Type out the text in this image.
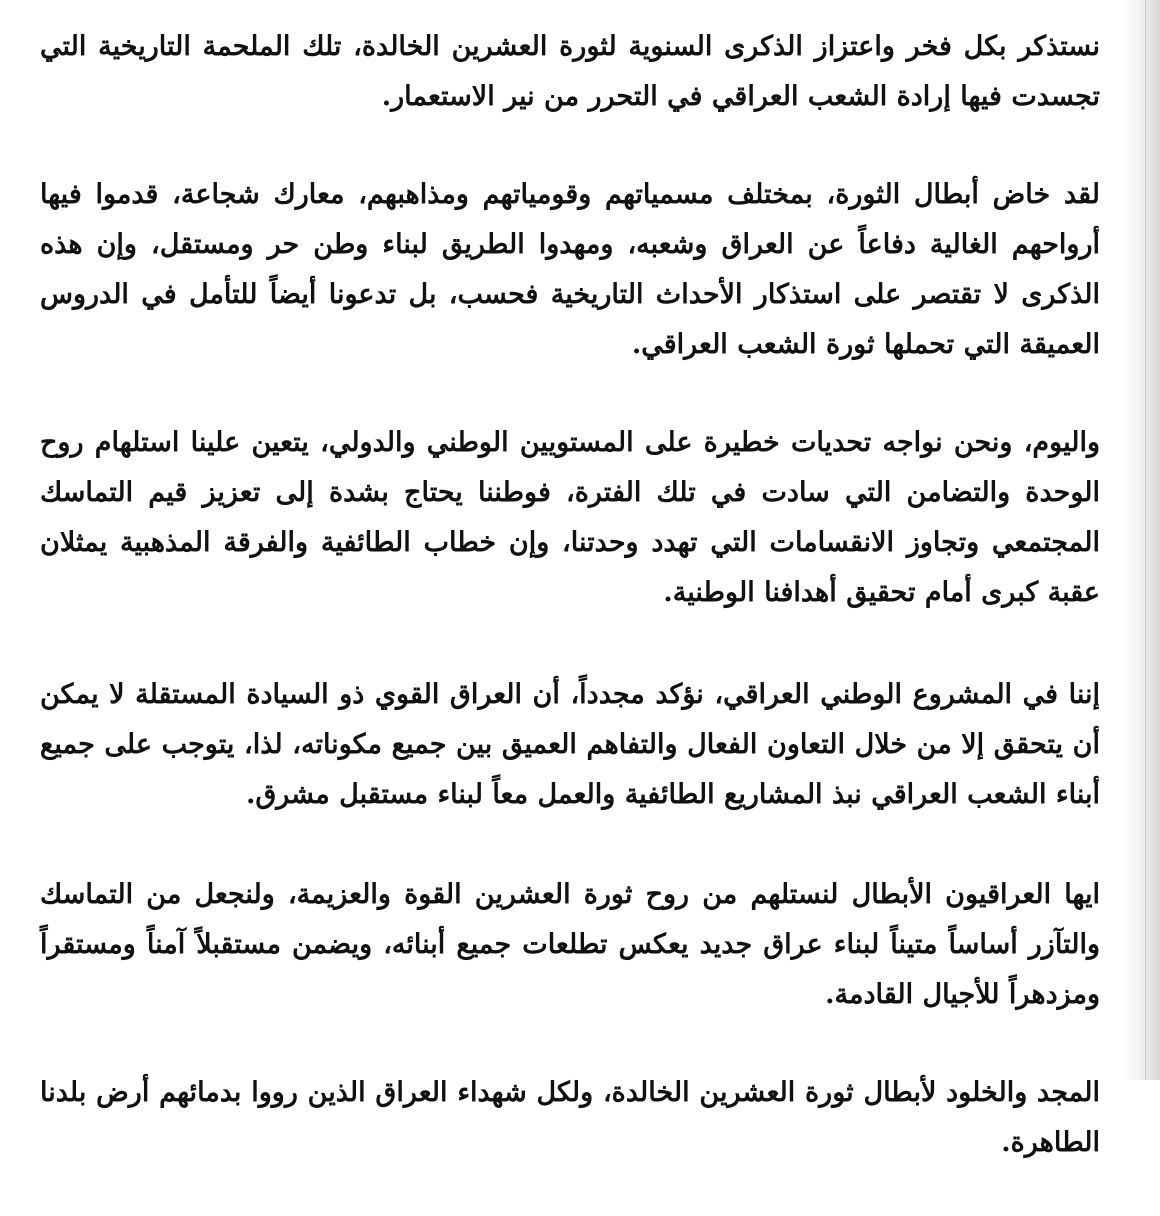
نستذكر بكل فخر واعتزاز الذكرى السنوية لثورة العشرين الخالدة، تلك الملحمة التاريخية التي تجسدت فيها إرادة الشعب العراقي في التحرر من نير الاستعمار.

لقد خاض أبطال الثورة، بمختلف مسمياتهم وقومياتهم ومذاهبهم، معارك شجاعة، قدموا فيها أرواحهم الغالية دفاعاً عن العراق وشعبه، ومهدوا الطريق لبناء وطن حر ومستقل، وإن هذه الذكرى لا تقتصر على استذكار الأحداث التاريخية فحسب، بل تدعونا أيضاً للتأمل في الدروس العميقة التي تحملها ثورة الشعب العراقي.

واليوم، ونحن نواجه تحديات خطيرة على المستويين الوطني والدولي، يتعين علينا استلهام روح الوحدة والتضامن التي سادت في تلك الفترة، فوطننا يحتاج بشدة إلى تعزيز قيم التماسك المجتمعي وتجاوز الانقسامات التي تهدد وحدتنا، وإن خطاب الطائفية والفرقة المذهبية يمثلان عقبة كبرى أمام تحقيق أهدافنا الوطنية.

إننا في المشروع الوطني العراقي، نؤكد مجدداً، أن العراق القوي ذو السيادة المستقلة لا يمكن أن يتحقق إلا من خلال التعاون الفعال والتفاهم العميق بين جميع مكوناته، لذا، يتوجب على جميع أبناء الشعب العراقي نبذ المشاريع الطائفية والعمل معاً لبناء مستقبل مشرق.

ايها العراقيون الأبطال لنستلهم من روح ثورة العشرين القوة والعزيمة، ولنجعل من التماسك والتآزر أساساً متيناً لبناء عراق جديد يعكس تطلعات جميع أبنائه، ويضمن مستقبلاً آمناً ومستقراً ومزدهراً للأجيال القادمة.

المجد والخلود لأبطال ثورة العشرين الخالدة، ولكل شهداء العراق الذين رووا بدمائهم أرض بلدنا الطاهرة.
